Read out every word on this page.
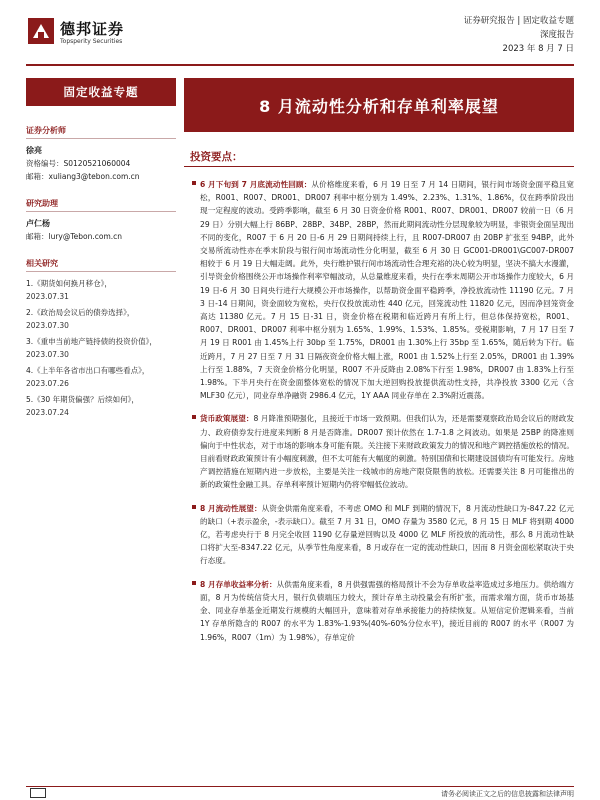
德邦证券
Topsperity Securities
证券研究报告 | 固定收益专题
深度报告
2023 年 8 月 7 日
固定收益专题
8 月流动性分析和存单利率展望
证券分析师
徐亮
资格编号：S0120521060004
邮箱：xuliang3@tebon.com.cn
研究助理
卢仁杨
邮箱：lury@Tebon.com.cn
相关研究
1.《期货如何换月移仓》，
2023.07.31
2.《政治局会议后的债券选择》，
2023.07.30
3.《重申当前地产链持债的投资价值》，
2023.07.30
4.《上半年各省市出口有哪些看点》，
2023.07.26
5.《30 年期货偏强？后续如何》，
2023.07.24
投资要点：
6 月下旬到 7 月底流动性回顾：从价格维度来看，6 月 19 日至 7 月 14 日期间，银行间市场资金面平稳且宽松，R001、R007、DR001、DR007 利率中枢分别为 1.49%、2.23%、1.31%、1.86%，仅在跨季阶段出现一定程度的波动。受跨季影响，截至 6 月 30 日资金价格 R001、R007、DR001、DR007 较前一日（6 月 29 日）分别大幅上行 86BP、28BP、34BP、28BP，然而此期间流动性分层现象较为明显，非银资金面呈现出不同的变化，R007 于 6 月 20 日-6 月 29 日期间持续上行，且 R007-DR007 由 20BP 扩张至 94BP，此外交易所流动性亦在季末阶段与银行间市场流动性分化明显，截至 6 月 30 日 GC001-DR001\GC007-DR007 相较于 6 月 19 日大幅走阔。此外，央行维护银行间市场流动性合理充裕的决心较为明显，坚决不搞大水漫灌，引导资金价格围绕公开市场操作利率窄幅波动，从总量维度来看，央行在季末周期公开市场操作力度较大，6 月 19 日-6 月 30 日间央行进行大规模公开市场操作，以帮助资金面平稳跨季，净投放流动性 11190 亿元。7 月 3 日-14 日期间，资金面较为宽松，央行仅投放流动性 440 亿元，回笼流动性 11820 亿元，因而净回笼资金高达 11380 亿元。7 月 15 日-31 日，资金价格在税期和临近跨月有所上行，但总体保持宽松，R001、R007、DR001、DR007 利率中枢分别为 1.65%、1.99%、1.53%、1.85%。受税期影响，7 月 17 日至 7 月 19 日 R001 由 1.45%上行 30bp 至 1.75%，DR001 由 1.30%上行 35bp 至 1.65%，随后转为下行。临近跨月，7 月 27 日至 7 月 31 日隔夜资金价格大幅上涨，R001 由 1.52%上行至 2.05%，DR001 由 1.39%上行至 1.88%，7 天资金价格分化明显，R007 不升反降由 2.08%下行至 1.98%，DR007 由 1.83%上行至 1.98%。下半月央行在资金面整体宽松的情况下加大逆回购投放提供流动性支持，共净投放 3300 亿元（含 MLF30 亿元），同业存单净融资 2986.4 亿元，1Y AAA 同业存单在 2.3%附近震荡。
货币政策展望：8 月降准预期强化，且接近于市场一致预期。但我们认为，还是需要观察政治局会议后的财政发力、政府债券发行进度来判断 8 月是否降准。DR007 预计依然在 1.7-1.8 之间波动。如果是 25BP 的降准则偏向于中性状态，对于市场的影响本身可能有限。关注接下来财政政策发力的情况和地产调控措施放松的情况。目前看财政政策预计有小幅度刺激，但不太可能有大幅度的刺激。特别国债和长期建设国债均有可能发行。房地产调控措施在短期内进一步放松，主要是关注一线城市的房地产限贷限售的放松。还需要关注 8 月可能推出的新的政策性金融工具。存单利率预计短期内仍将窄幅低位波动。
8 月流动性展望：从资金供需角度来看，不考虑 OMO 和 MLF 到期的情况下，8 月流动性缺口为-847.22 亿元的缺口（+表示盈余，-表示缺口）。截至 7 月 31 日，OMO 存量为 3580 亿元，8 月 15 日 MLF 将到期 4000 亿，若考虑央行于 8 月完全收回 1190 亿存量逆回购以及 4000 亿 MLF 所投放的流动性，那么 8 月流动性缺口将扩大至-8347.22 亿元，从季节性角度来看，8 月或存在一定的流动性缺口，因而 8 月资金面松紧取决于央行态度。
8 月存单收益率分析：从供需角度来看，8 月供强需强的格局预计不会为存单收益率造成过多地压力。供给端方面，8 月为传统信贷大月，银行负债端压力较大，预计存单主动投量会有所扩张，而需求端方面，货币市场基金、同业存单基金近期发行规模的大幅回升，意味着对存单承接能力的持续恢复。从短信定价逻辑来看，当前 1Y 存单所隐含的 R007 的水平为 1.83%-1.93%(40%-60%分位水平)，接近目前的 R007 的水平（R007 为 1.96%，R007（1m）为 1.98%），存单定价
请务必阅读正文之后的信息披露和法律声明
